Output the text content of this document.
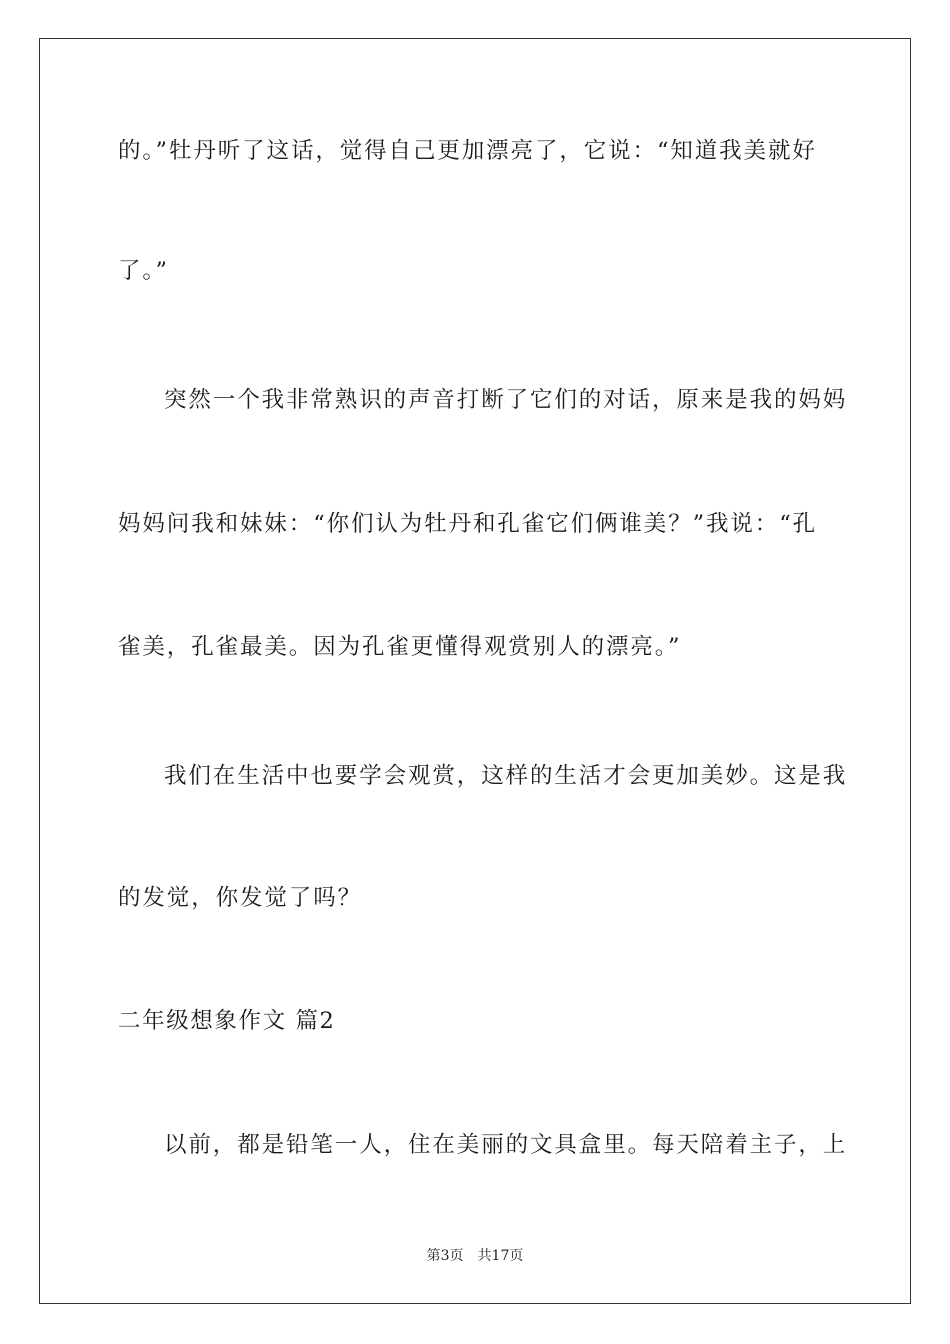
的。”牡丹听了这话，觉得自己更加漂亮了，它说：“知道我美就好
了。”
突然一个我非常熟识的声音打断了它们的对话，原来是我的妈妈
妈妈问我和妹妹：“你们认为牡丹和孔雀它们俩谁美？”我说：“孔
雀美，孔雀最美。因为孔雀更懂得观赏别人的漂亮。”
我们在生活中也要学会观赏，这样的生活才会更加美妙。这是我
的发觉，你发觉了吗？
二年级想象作文 篇2
以前，都是铅笔一人，住在美丽的文具盒里。每天陪着主子，上
第3页　共17页
